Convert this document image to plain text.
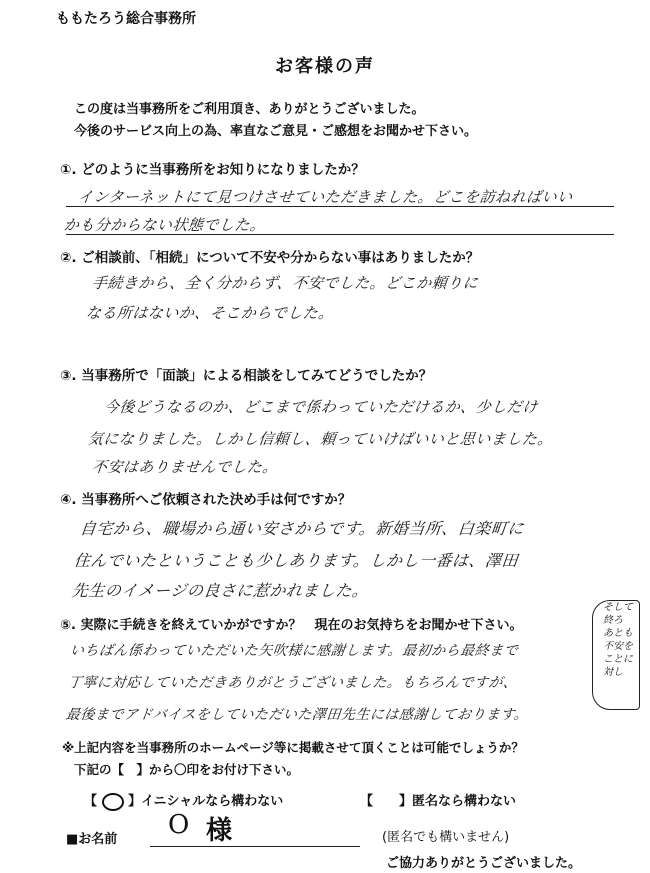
ももたろう総合事務所
お客様の声
この度は当事務所をご利用頂き、ありがとうございました。
今後のサービス向上の為、率直なご意見・ご感想をお聞かせ下さい。
①. どのように当事務所をお知りになりましたか？
インターネットにて見つけさせていただきました。どこを訪ねればいい
かも分からない状態でした。
②. ご相談前、「相続」について不安や分からない事はありましたか？
手続きから、全く分からず、不安でした。どこか頼りに
なる所はないか、そこからでした。
③. 当事務所で「面談」による相談をしてみてどうでしたか？
今後どうなるのか、どこまで係わっていただけるか、少しだけ
気になりました。しかし信頼し、頼っていけばいいと思いました。
不安はありませんでした。
④. 当事務所へご依頼された決め手は何ですか？
自宅から、職場から通い安さからです。新婚当所、白楽町に
住んでいたということも少しあります。しかし一番は、澤田
先生のイメージの良さに惹かれました。
⑤. 実際に手続きを終えていかがですか？　現在のお気持ちをお聞かせ下さい。
いちばん係わっていただいた矢吹様に感謝します。最初から最終まで
丁寧に対応していただきありがとうございました。もちろんですが、
最後までアドバイスをしていただいた澤田先生には感謝しております。
そして
終ろ
あとも
不安を
ことに
対し
※上記内容を当事務所のホームページ等に掲載させて頂くことは可能でしょうか？
下記の【　】から〇印をお付け下さい。
【 ○ 】イニシャルなら構わない	【　　】匿名なら構わない
■お名前 O 様	(匿名でも構いません)
ご協力ありがとうございました。
